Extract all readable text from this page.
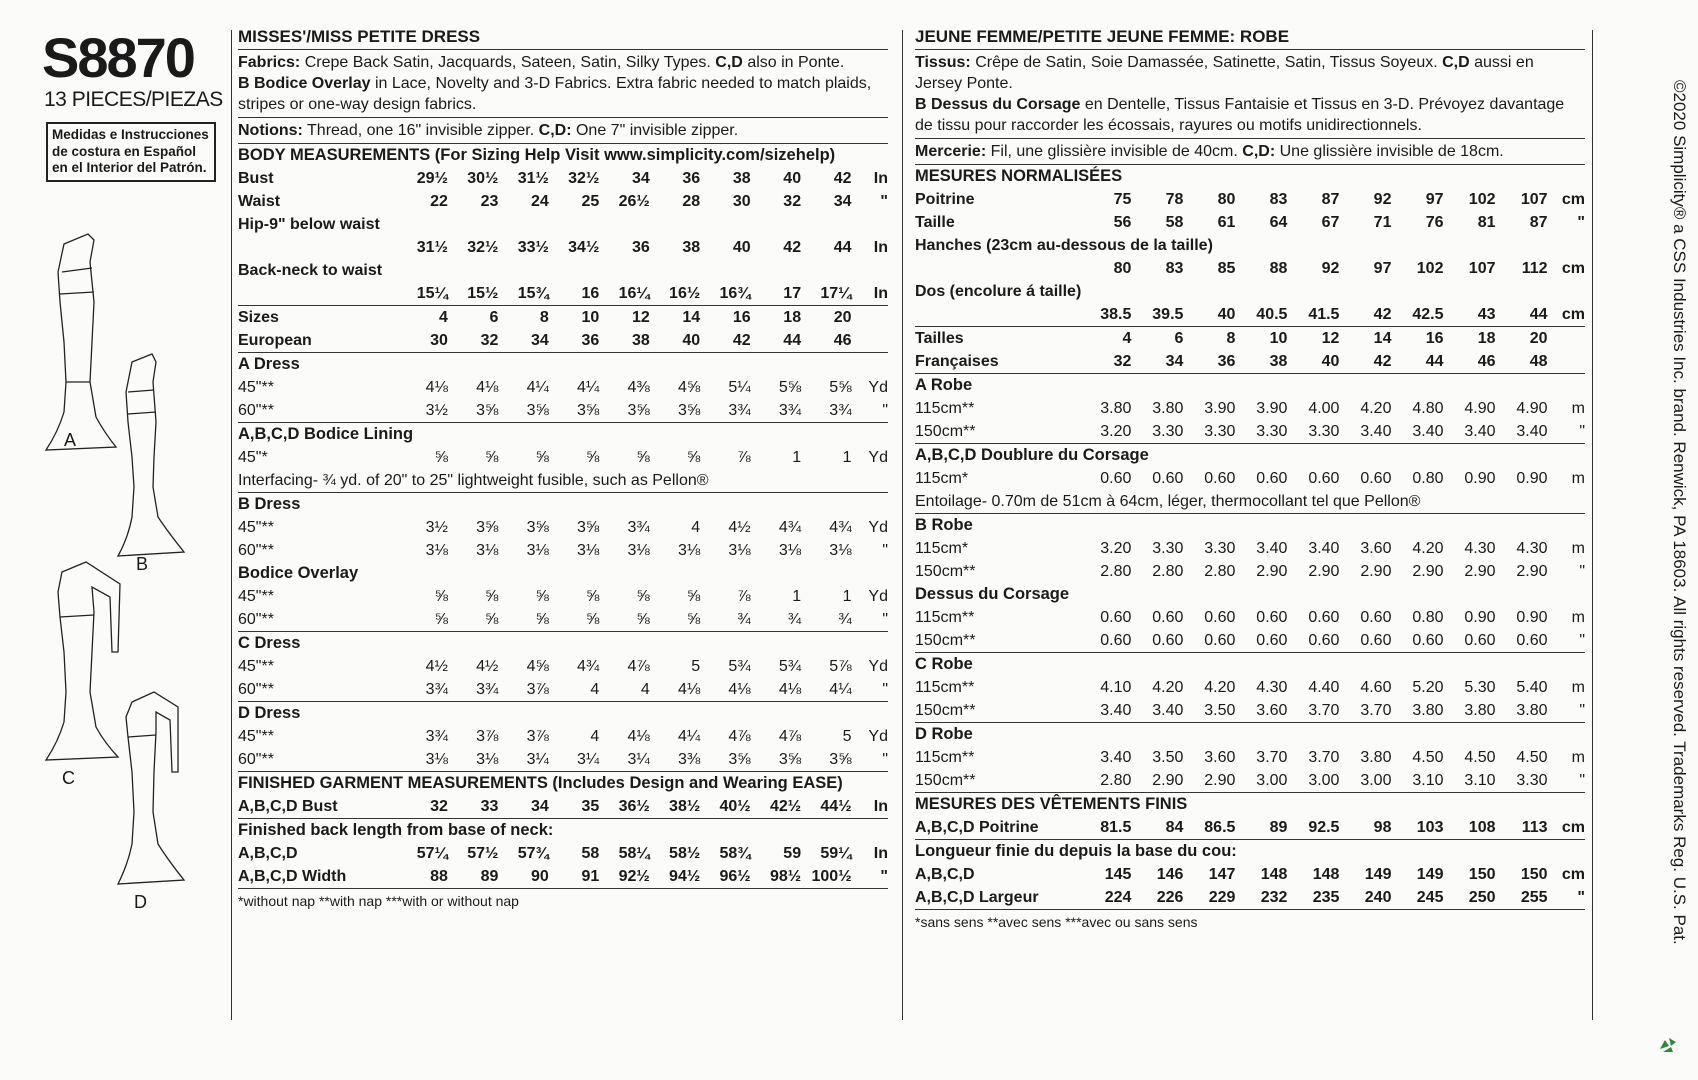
S8870
13 PIECES/PIEZAS
Medidas e Instrucciones de costura en Español en el Interior del Patrón.
A
B
C
D
MISSES'/MISS PETITE DRESS
Fabrics: Crepe Back Satin, Jacquards, Sateen, Satin, Silky Types. C,D also in Ponte.
B Bodice Overlay in Lace, Novelty and 3-D Fabrics. Extra fabric needed to match plaids, stripes or one-way design fabrics.
Notions: Thread, one 16" invisible zipper. C,D: One 7" invisible zipper.
BODY MEASUREMENTS (For Sizing Help Visit www.simplicity.com/sizehelp)
Bust	29½	30½	31½	32½	34	36	38	40	42	In
Waist	22	23	24	25	26½	28	30	32	34	"
Hip-9" below waist										
	31½	32½	33½	34½	36	38	40	42	44	In
Back-neck to waist										
	15¼	15½	15¾	16	16¼	16½	16¾	17	17¼	In
Sizes	4	6	8	10	12	14	16	18	20	
European	30	32	34	36	38	40	42	44	46	
A Dress										
45"**	4⅛	4⅛	4¼	4¼	4⅜	4⅝	5¼	5⅝	5⅝	Yd
60"**	3½	3⅝	3⅝	3⅝	3⅝	3⅝	3¾	3¾	3¾	"
A,B,C,D Bodice Lining										
45"*	⅝	⅝	⅝	⅝	⅝	⅝	⅞	1	1	Yd
Interfacing- ¾ yd. of 20" to 25" lightweight fusible, such as Pellon®										
B Dress										
45"**	3½	3⅝	3⅝	3⅝	3¾	4	4½	4¾	4¾	Yd
60"**	3⅛	3⅛	3⅛	3⅛	3⅛	3⅛	3⅛	3⅛	3⅛	"
Bodice Overlay										
45"**	⅝	⅝	⅝	⅝	⅝	⅝	⅞	1	1	Yd
60"**	⅝	⅝	⅝	⅝	⅝	⅝	¾	¾	¾	"
C Dress										
45"**	4½	4½	4⅝	4¾	4⅞	5	5¾	5¾	5⅞	Yd
60"**	3¾	3¾	3⅞	4	4	4⅛	4⅛	4⅛	4¼	"
D Dress										
45"**	3¾	3⅞	3⅞	4	4⅛	4¼	4⅞	4⅞	5	Yd
60"**	3⅛	3⅛	3¼	3¼	3¼	3⅜	3⅝	3⅝	3⅝	"
FINISHED GARMENT MEASUREMENTS (Includes Design and Wearing EASE)										
A,B,C,D Bust	32	33	34	35	36½	38½	40½	42½	44½	In
Finished back length from base of neck:										
A,B,C,D	57¼	57½	57¾	58	58¼	58½	58¾	59	59¼	In
A,B,C,D Width	88	89	90	91	92½	94½	96½	98½	100½	"
*without nap **with nap ***with or without nap
JEUNE FEMME/PETITE JEUNE FEMME: ROBE
Tissus: Crêpe de Satin, Soie Damassée, Satinette, Satin, Tissus Soyeux. C,D aussi en Jersey Ponte.
B Dessus du Corsage en Dentelle, Tissus Fantaisie et Tissus en 3-D. Prévoyez davantage de tissu pour raccorder les écossais, rayures ou motifs unidirectionnels.
Mercerie: Fil, une glissière invisible de 40cm. C,D: Une glissière invisible de 18cm.
MESURES NORMALISÉES
Poitrine	75	78	80	83	87	92	97	102	107	cm
Taille	56	58	61	64	67	71	76	81	87	"
Hanches (23cm au-dessous de la taille)										
	80	83	85	88	92	97	102	107	112	cm
Dos (encolure á taille)										
	38.5	39.5	40	40.5	41.5	42	42.5	43	44	cm
Tailles	4	6	8	10	12	14	16	18	20	
Françaises	32	34	36	38	40	42	44	46	48	
A Robe										
115cm**	3.80	3.80	3.90	3.90	4.00	4.20	4.80	4.90	4.90	m
150cm**	3.20	3.30	3.30	3.30	3.30	3.40	3.40	3.40	3.40	"
A,B,C,D Doublure du Corsage										
115cm*	0.60	0.60	0.60	0.60	0.60	0.60	0.80	0.90	0.90	m
Entoilage- 0.70m de 51cm à 64cm, léger, thermocollant tel que Pellon®										
B Robe										
115cm*	3.20	3.30	3.30	3.40	3.40	3.60	4.20	4.30	4.30	m
150cm**	2.80	2.80	2.80	2.90	2.90	2.90	2.90	2.90	2.90	"
Dessus du Corsage										
115cm**	0.60	0.60	0.60	0.60	0.60	0.60	0.80	0.90	0.90	m
150cm**	0.60	0.60	0.60	0.60	0.60	0.60	0.60	0.60	0.60	"
C Robe										
115cm**	4.10	4.20	4.20	4.30	4.40	4.60	5.20	5.30	5.40	m
150cm**	3.40	3.40	3.50	3.60	3.70	3.70	3.80	3.80	3.80	"
D Robe										
115cm**	3.40	3.50	3.60	3.70	3.70	3.80	4.50	4.50	4.50	m
150cm**	2.80	2.90	2.90	3.00	3.00	3.00	3.10	3.10	3.30	"
MESURES DES VÊTEMENTS FINIS										
A,B,C,D Poitrine	81.5	84	86.5	89	92.5	98	103	108	113	cm
Longueur finie du depuis la base du cou:										
A,B,C,D	145	146	147	148	148	149	149	150	150	cm
A,B,C,D Largeur	224	226	229	232	235	240	245	250	255	"
*sans sens **avec sens ***avec ou sans sens	©2020 Simplicity® a CSS Industries Inc. brand. Renwick, PA 18603. All rights reserved. Trademarks Reg. U.S. Pat.
